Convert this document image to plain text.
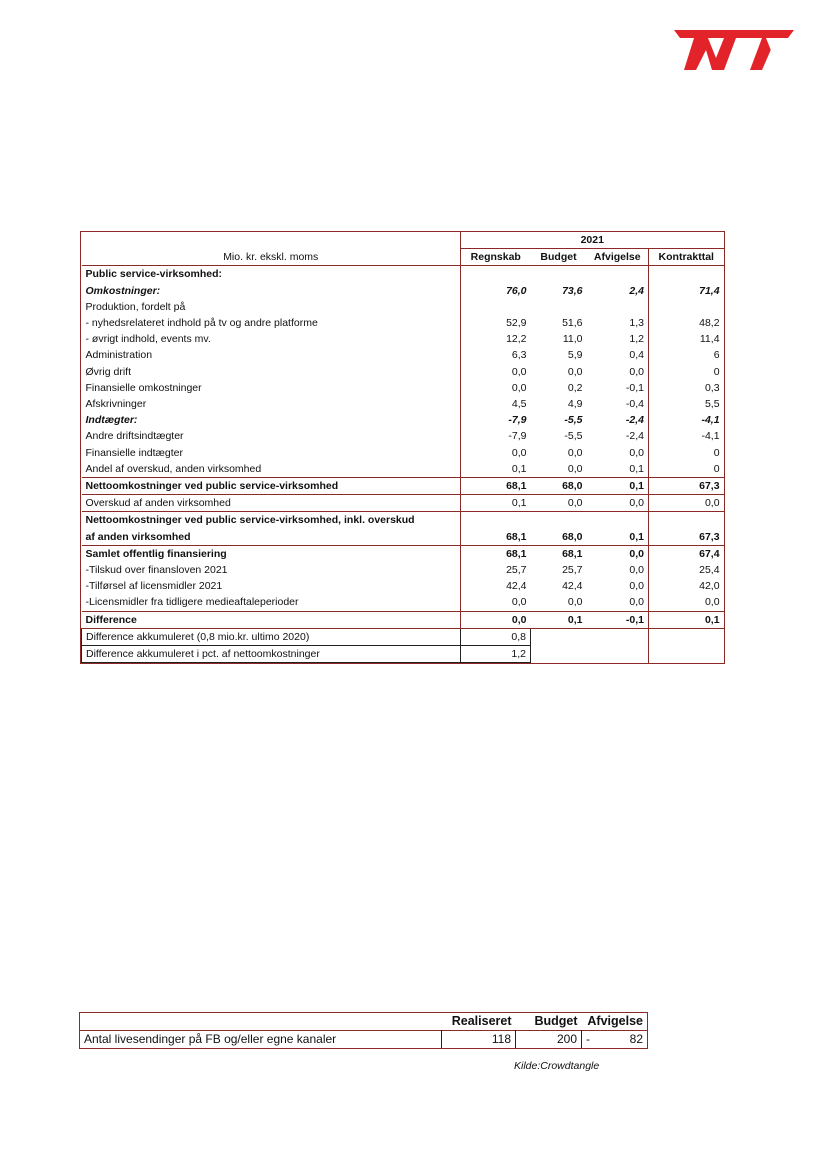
	2021			
Mio. kr. ekskl. moms	Regnskab	Budget	Afvigelse	Kontrakttal
Public service-virksomhed:				
Omkostninger:	76,0	73,6	2,4	71,4
Produktion, fordelt på				
- nyhedsrelateret indhold på tv og andre platforme	52,9	51,6	1,3	48,2
- øvrigt indhold, events mv.	12,2	11,0	1,2	11,4
Administration	6,3	5,9	0,4	6
Øvrig drift	0,0	0,0	0,0	0
Finansielle omkostninger	0,0	0,2	-0,1	0,3
Afskrivninger	4,5	4,9	-0,4	5,5
Indtægter:	-7,9	-5,5	-2,4	-4,1
Andre driftsindtægter	-7,9	-5,5	-2,4	-4,1
Finansielle indtægter	0,0	0,0	0,0	0
Andel af overskud, anden virksomhed	0,1	0,0	0,1	0
Nettoomkostninger ved public service-virksomhed	68,1	68,0	0,1	67,3
Overskud af anden virksomhed	0,1	0,0	0,0	0,0
Nettoomkostninger ved public service-virksomhed, inkl. overskud				
af anden virksomhed	68,1	68,0	0,1	67,3
Samlet offentlig finansiering	68,1	68,1	0,0	67,4
-Tilskud over finansloven 2021	25,7	25,7	0,0	25,4
-Tilførsel af licensmidler 2021	42,4	42,4	0,0	42,0
-Licensmidler fra tidligere medieaftaleperioder	0,0	0,0	0,0	0,0
Difference	0,0	0,1	-0,1	0,1
Difference akkumuleret (0,8 mio.kr. ultimo 2020)	0,8			
Difference akkumuleret i pct. af nettoomkostninger	1,2			
	Realiseret	Budget	Afvigelse
Antal livesendinger på FB og/eller egne kanaler	118	200	- 82
Kilde:Crowdtangle
